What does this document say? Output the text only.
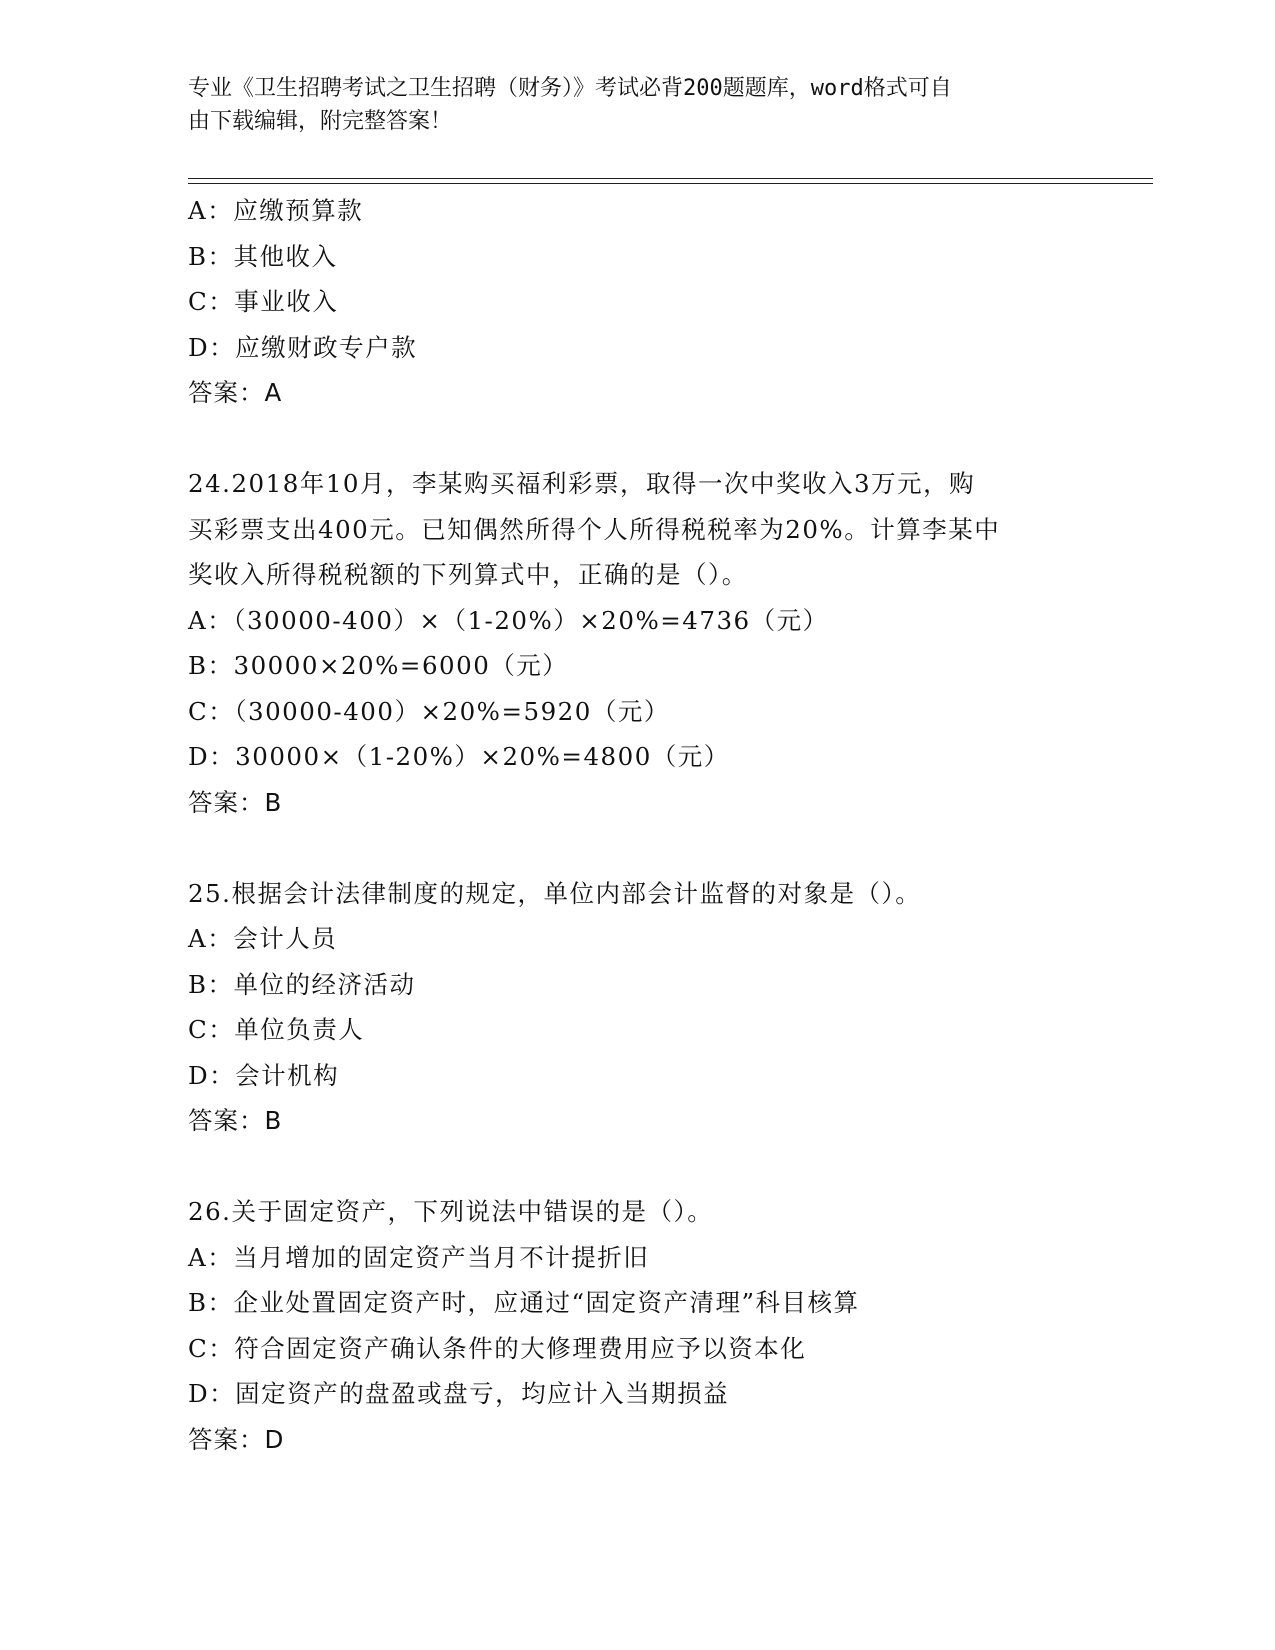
专业《卫生招聘考试之卫生招聘（财务）》考试必背200题题库，word格式可自
由下载编辑，附完整答案！
A：应缴预算款
B：其他收入
C：事业收入
D：应缴财政专户款
答案：A
24.2018年10月，李某购买福利彩票，取得一次中奖收入3万元，购
买彩票支出400元。已知偶然所得个人所得税税率为20%。计算李某中
奖收入所得税税额的下列算式中，正确的是（）。
A：（30000-400）×（1-20%）×20%=4736（元）
B：30000×20%=6000（元）
C：（30000-400）×20%=5920（元）
D：30000×（1-20%）×20%=4800（元）
答案：B
25.根据会计法律制度的规定，单位内部会计监督的对象是（）。
A：会计人员
B：单位的经济活动
C：单位负责人
D：会计机构
答案：B
26.关于固定资产，下列说法中错误的是（）。
A：当月增加的固定资产当月不计提折旧
B：企业处置固定资产时，应通过“固定资产清理”科目核算
C：符合固定资产确认条件的大修理费用应予以资本化
D：固定资产的盘盈或盘亏，均应计入当期损益
答案：D
